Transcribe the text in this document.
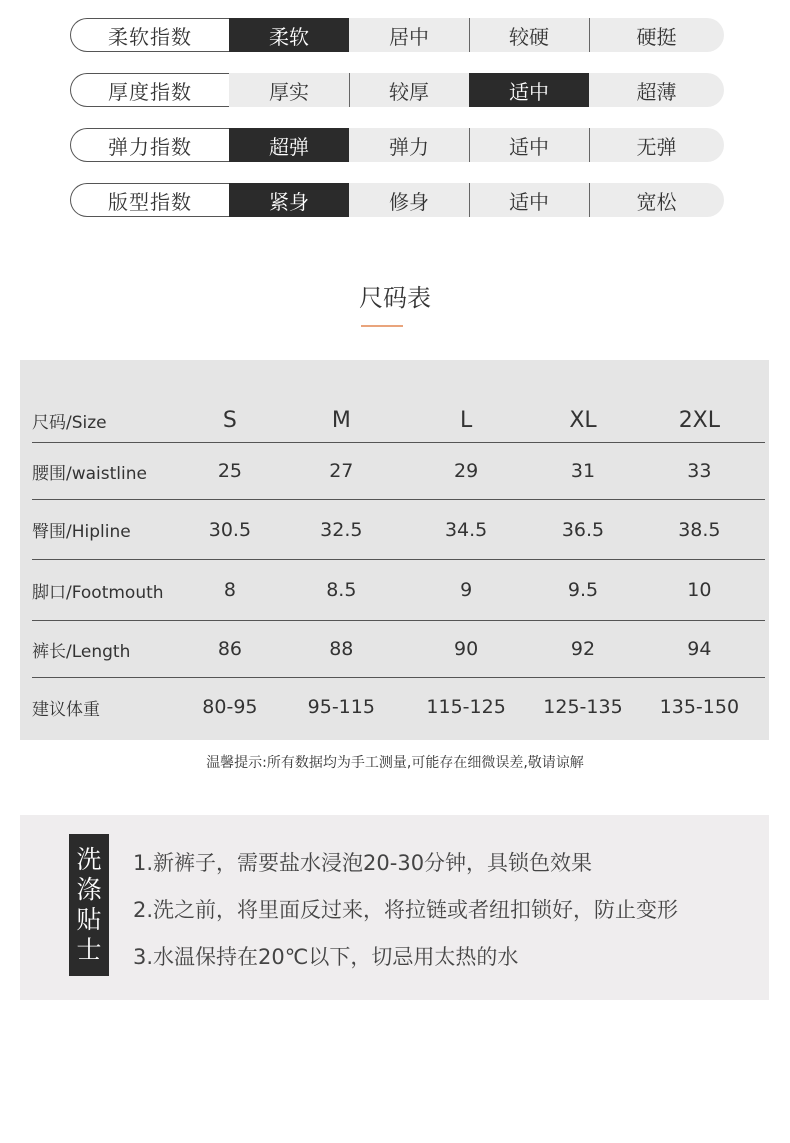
柔软指数	柔软	居中	较硬	硬挺
厚度指数	厚实	较厚	适中	超薄
弹力指数	超弹	弹力	适中	无弹
版型指数	紧身	修身	适中	宽松
尺码表
尺码/Size	S	M	L	XL	2XL
腰围/waistline	25	27	29	31	33
臀围/Hipline	30.5	32.5	34.5	36.5	38.5
脚口/Footmouth	8	8.5	9	9.5	10
裤长/Length	86	88	90	92	94
建议体重	80-95	95-115	115-125	125-135	135-150
温馨提示:所有数据均为手工测量,可能存在细微误差,敬请谅解
洗
涤
贴
士
1.新裤子，需要盐水浸泡20-30分钟，具锁色效果
2.洗之前，将里面反过来，将拉链或者纽扣锁好，防止变形
3.水温保持在20℃以下，切忌用太热的水
